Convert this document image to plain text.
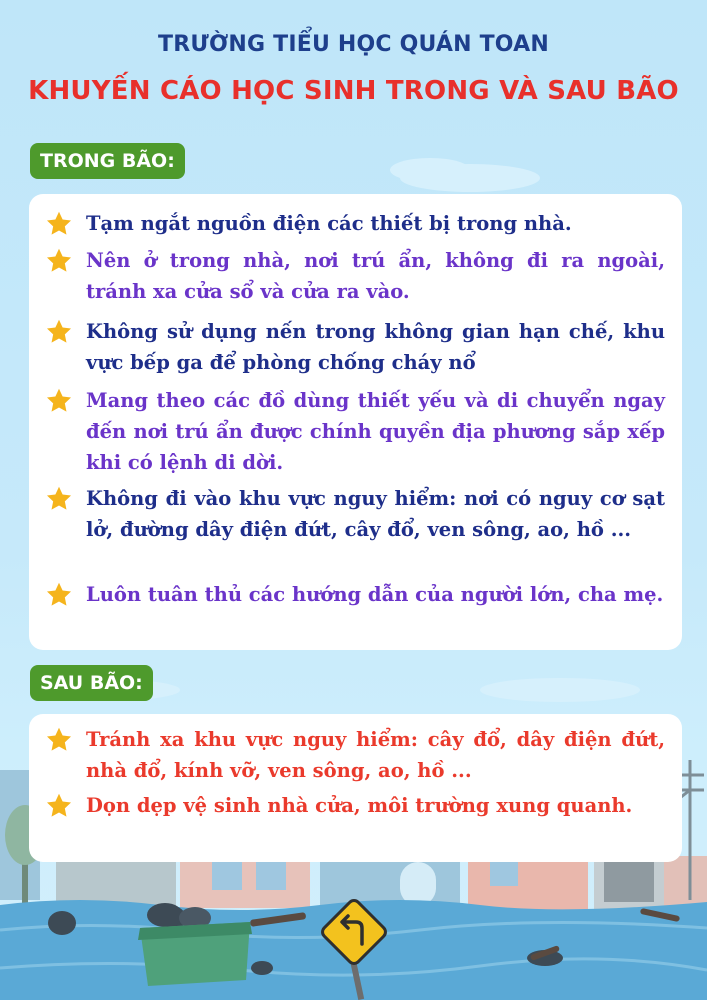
TRƯỜNG TIỂU HỌC QUÁN TOAN
KHUYẾN CÁO HỌC SINH TRONG VÀ SAU BÃO
TRONG BÃO:
Tạm ngắt nguồn điện các thiết bị trong nhà.
Nên ở trong nhà, nơi trú ẩn, không đi ra ngoài, tránh xa cửa sổ và cửa ra vào.
Không sử dụng nến trong không gian hạn chế, khu vực bếp ga để phòng chống cháy nổ
Mang theo các đồ dùng thiết yếu và di chuyển ngay đến nơi trú ẩn được chính quyền địa phương sắp xếp khi có lệnh di dời.
Không đi vào khu vực nguy hiểm: nơi có nguy cơ sạt lở, đường dây điện đứt, cây đổ, ven sông, ao, hồ ...
Luôn tuân thủ các hướng dẫn của người lớn, cha mẹ.
SAU BÃO:
Tránh xa khu vực nguy hiểm: cây đổ, dây điện đứt, nhà đổ, kính vỡ, ven sông, ao, hồ ...
Dọn dẹp vệ sinh nhà cửa, môi trường xung quanh.
